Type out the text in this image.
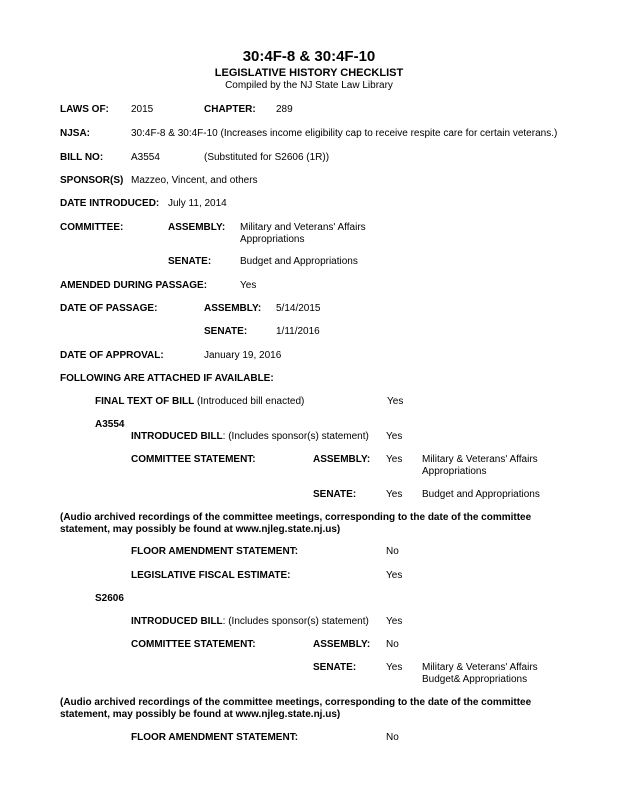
30:4F-8 & 30:4F-10
LEGISLATIVE HISTORY CHECKLIST
Compiled by the NJ State Law Library
LAWS OF: 2015	CHAPTER: 289
NJSA:	30:4F-8 & 30:4F-10 (Increases income eligibility cap to receive respite care for certain veterans.)
BILL NO:	A3554	(Substituted for S2606 (1R))
SPONSOR(S) Mazzeo, Vincent, and others
DATE INTRODUCED: July 11, 2014
COMMITTEE:	ASSEMBLY: Military and Veterans' Affairs
Appropriations
SENATE:	Budget and Appropriations
AMENDED DURING PASSAGE:	Yes
DATE OF PASSAGE:	ASSEMBLY: 5/14/2015
SENATE:	1/11/2016
DATE OF APPROVAL:	January 19, 2016
FOLLOWING ARE ATTACHED IF AVAILABLE:
FINAL TEXT OF BILL (Introduced bill enacted)	Yes
A3554
INTRODUCED BILL: (Includes sponsor(s) statement) Yes
COMMITTEE STATEMENT:	ASSEMBLY: Yes Military & Veterans' Affairs
Appropriations
SENATE:	Yes Budget and Appropriations
(Audio archived recordings of the committee meetings, corresponding to the date of the committee statement, may possibly be found at www.njleg.state.nj.us)
FLOOR AMENDMENT STATEMENT:	No
LEGISLATIVE FISCAL ESTIMATE:	Yes
S2606
INTRODUCED BILL: (Includes sponsor(s) statement) Yes
COMMITTEE STATEMENT:	ASSEMBLY: No
SENATE:	Yes Military & Veterans' Affairs
Budget& Appropriations
(Audio archived recordings of the committee meetings, corresponding to the date of the committee statement, may possibly be found at www.njleg.state.nj.us)
FLOOR AMENDMENT STATEMENT:	No
